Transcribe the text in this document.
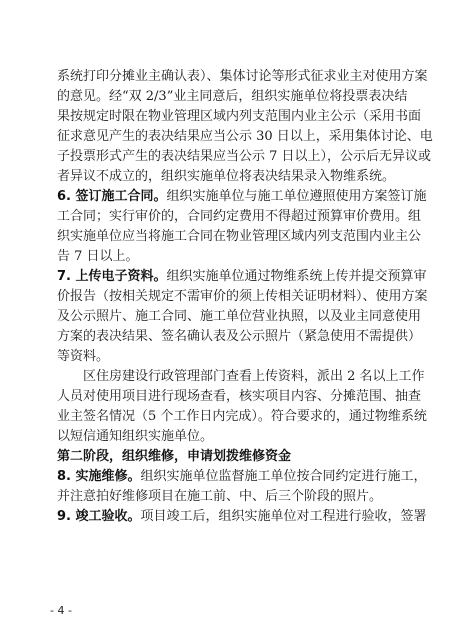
系统打印分摊业主确认表）、集体讨论等形式征求业主对使用方案
的意见。经“双 2/3”业主同意后，组织实施单位将投票表决结
果按规定时限在物业管理区域内列支范围内业主公示（采用书面
征求意见产生的表决结果应当公示 30 日以上，采用集体讨论、电
子投票形式产生的表决结果应当公示 7 日以上），公示后无异议或
者异议不成立的，组织实施单位将表决结果录入物维系统。
6. 签订施工合同。组织实施单位与施工单位遵照使用方案签订施
工合同；实行审价的，合同约定费用不得超过预算审价费用。组
织实施单位应当将施工合同在物业管理区域内列支范围内业主公
告 7 日以上。
7. 上传电子资料。组织实施单位通过物维系统上传并提交预算审
价报告（按相关规定不需审价的须上传相关证明材料）、使用方案
及公示照片、施工合同、施工单位营业执照，以及业主同意使用
方案的表决结果、签名确认表及公示照片（紧急使用不需提供）
等资料。
区住房建设行政管理部门查看上传资料，派出 2 名以上工作
人员对使用项目进行现场查看，核实项目内容、分摊范围、抽查
业主签名情况（5 个工作日内完成）。符合要求的，通过物维系统
以短信通知组织实施单位。
第二阶段，组织维修，申请划拨维修资金
8. 实施维修。组织实施单位监督施工单位按合同约定进行施工，
并注意拍好维修项目在施工前、中、后三个阶段的照片。
9. 竣工验收。项目竣工后，组织实施单位对工程进行验收，签署
- 4 -
